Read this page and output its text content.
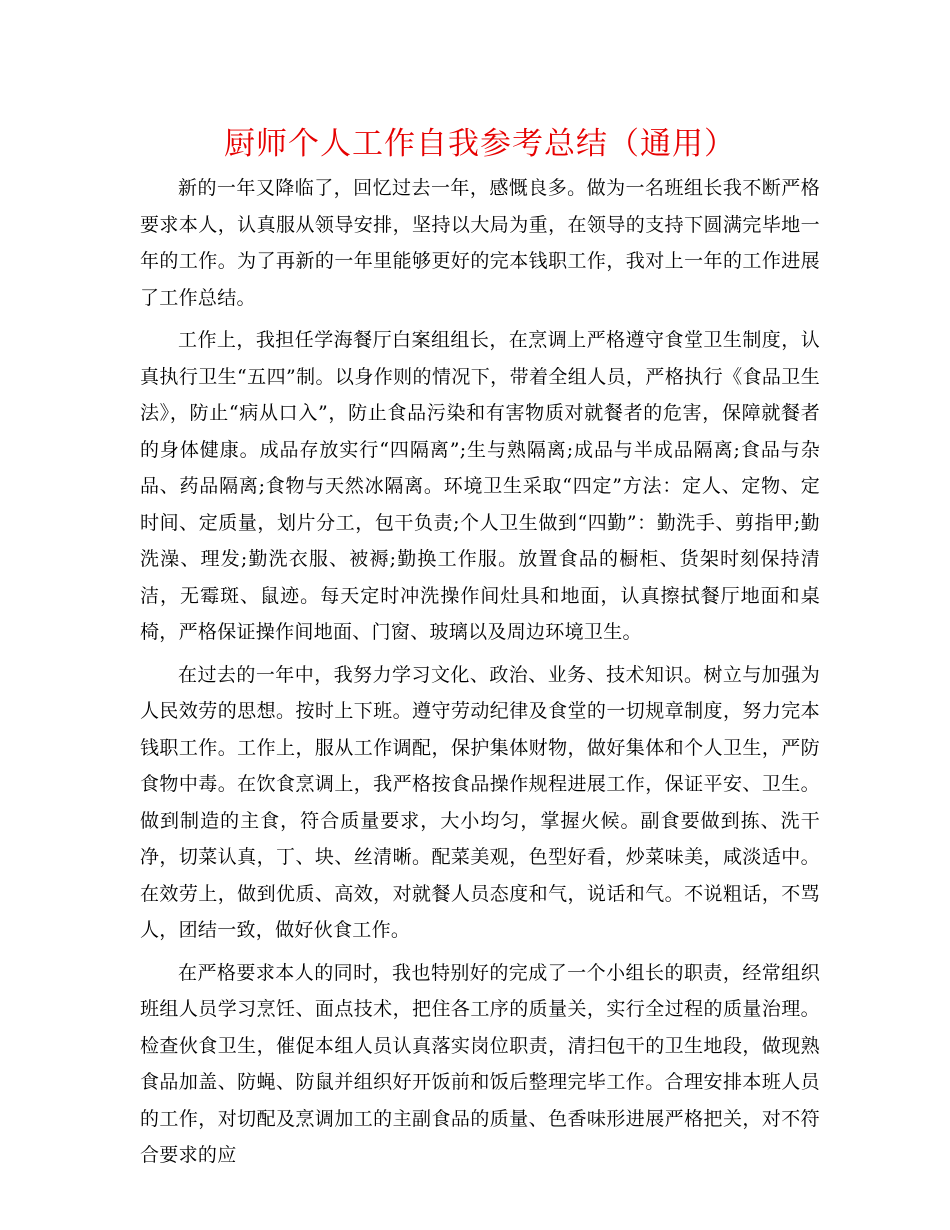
厨师个人工作自我参考总结（通用）

新的一年又降临了，回忆过去一年，感慨良多。做为一名班组长我不断严格要求本人，认真服从领导安排，坚持以大局为重，在领导的支持下圆满完毕地一年的工作。为了再新的一年里能够更好的完本钱职工作，我对上一年的工作进展了工作总结。

工作上，我担任学海餐厅白案组组长，在烹调上严格遵守食堂卫生制度，认真执行卫生“五四”制。以身作则的情况下，带着全组人员，严格执行《食品卫生法》，防止“病从口入”，防止食品污染和有害物质对就餐者的危害，保障就餐者的身体健康。成品存放实行“四隔离”;生与熟隔离;成品与半成品隔离;食品与杂品、药品隔离;食物与天然冰隔离。环境卫生采取“四定”方法：定人、定物、定时间、定质量，划片分工，包干负责;个人卫生做到“四勤”：勤洗手、剪指甲;勤洗澡、理发;勤洗衣服、被褥;勤换工作服。放置食品的橱柜、货架时刻保持清洁，无霉斑、鼠迹。每天定时冲洗操作间灶具和地面，认真擦拭餐厅地面和桌椅，严格保证操作间地面、门窗、玻璃以及周边环境卫生。

在过去的一年中，我努力学习文化、政治、业务、技术知识。树立与加强为人民效劳的思想。按时上下班。遵守劳动纪律及食堂的一切规章制度，努力完本钱职工作。工作上，服从工作调配，保护集体财物，做好集体和个人卫生，严防食物中毒。在饮食烹调上，我严格按食品操作规程进展工作，保证平安、卫生。做到制造的主食，符合质量要求，大小均匀，掌握火候。副食要做到拣、洗干净，切菜认真，丁、块、丝清晰。配菜美观，色型好看，炒菜味美，咸淡适中。在效劳上，做到优质、高效，对就餐人员态度和气，说话和气。不说粗话，不骂人，团结一致，做好伙食工作。

在严格要求本人的同时，我也特别好的完成了一个小组长的职责，经常组织班组人员学习烹饪、面点技术，把住各工序的质量关，实行全过程的质量治理。检查伙食卫生，催促本组人员认真落实岗位职责，清扫包干的卫生地段，做现熟食品加盖、防蝇、防鼠并组织好开饭前和饭后整理完毕工作。合理安排本班人员的工作，对切配及烹调加工的主副食品的质量、色香味形进展严格把关，对不符合要求的应
